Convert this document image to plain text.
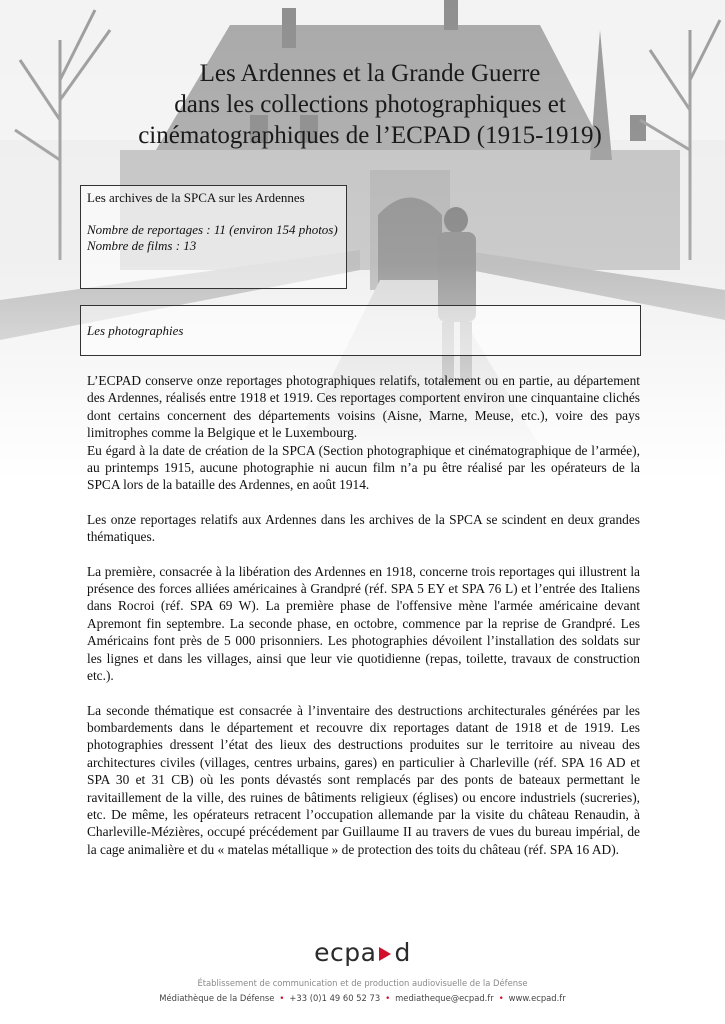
Les Ardennes et la Grande Guerre
dans les collections photographiques et
cinématographiques de l’ECPAD (1915-1919)

Les archives de la SPCA sur les Ardennes

Nombre de reportages : 11 (environ 154 photos)

Nombre de films : 13

Les photographies

L’ECPAD conserve onze reportages photographiques relatifs, totalement ou en partie, au département des Ardennes, réalisés entre 1918 et 1919. Ces reportages comportent environ une cinquantaine clichés dont certains concernent des départements voisins (Aisne, Marne, Meuse, etc.), voire des pays limitrophes comme la Belgique et le Luxembourg.

Eu égard à la date de création de la SPCA (Section photographique et cinématographique de l’armée), au printemps 1915, aucune photographie ni aucun film n’a pu être réalisé par les opérateurs de la SPCA lors de la bataille des Ardennes, en août 1914.

Les onze reportages relatifs aux Ardennes dans les archives de la SPCA se scindent en deux grandes thématiques.

La première, consacrée à la libération des Ardennes en 1918, concerne trois reportages qui illustrent la présence des forces alliées américaines à Grandpré (réf. SPA 5 EY et SPA 76 L) et l’entrée des Italiens dans Rocroi (réf. SPA 69 W). La première phase de l'offensive mène l'armée américaine devant Apremont fin septembre. La seconde phase, en octobre, commence par la reprise de Grandpré. Les Américains font près de 5 000 prisonniers. Les photographies dévoilent l’installation des soldats sur les lignes et dans les villages, ainsi que leur vie quotidienne (repas, toilette, travaux de construction etc.).

La seconde thématique est consacrée à l’inventaire des destructions architecturales générées par les bombardements dans le département et recouvre dix reportages datant de 1918 et de 1919. Les photographies dressent l’état des lieux des destructions produites sur le territoire au niveau des architectures civiles (villages, centres urbains, gares) en particulier à Charleville (réf. SPA 16 AD et SPA 30 et 31 CB) où les ponts dévastés sont remplacés par des ponts de bateaux permettant le ravitaillement de la ville, des ruines de bâtiments religieux (églises) ou encore industriels (sucreries), etc. De même, les opérateurs retracent l’occupation allemande par la visite du château Renaudin, à Charleville-Mézières, occupé précédement par Guillaume II au travers de vues du bureau impérial, de la cage animalière et du « matelas métallique » de protection des toits du château (réf. SPA 16 AD).

ecpa d
Établissement de communication et de production audiovisuelle de la Défense
Médiathèque de la Défense • +33 (0)1 49 60 52 73 • mediatheque@ecpad.fr • www.ecpad.fr
